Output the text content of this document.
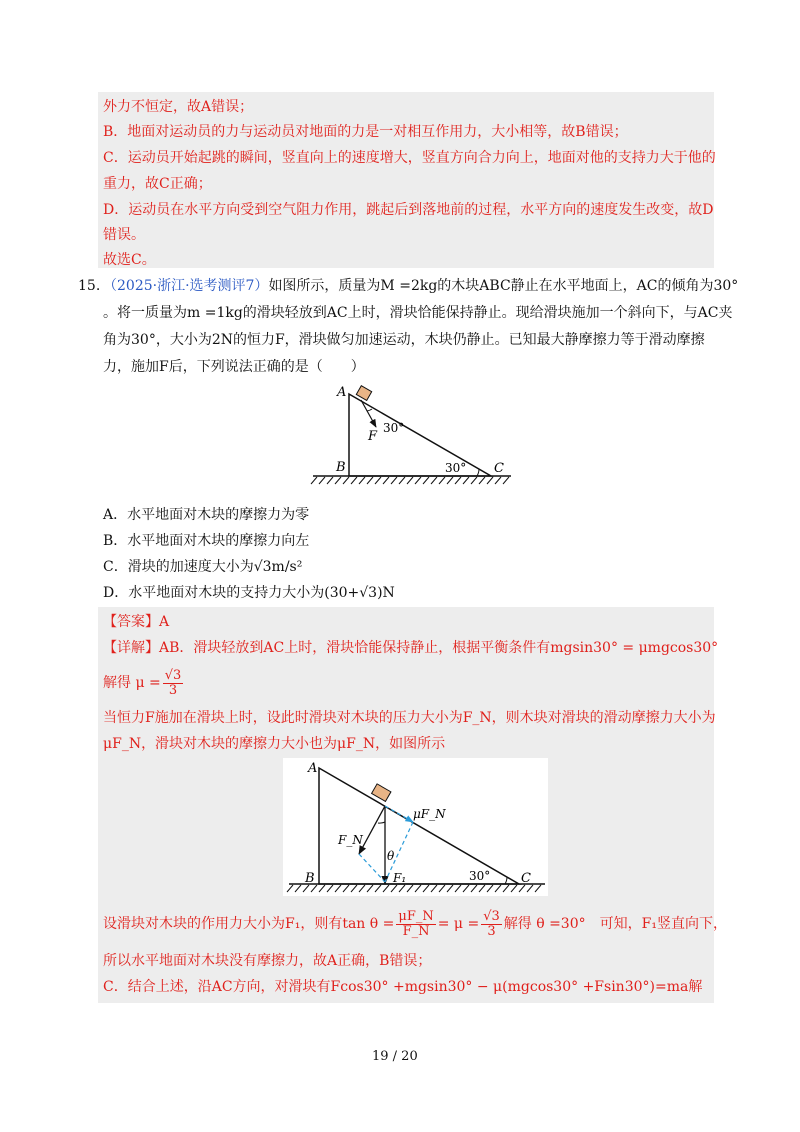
外力不恒定，故A错误；
B．地面对运动员的力与运动员对地面的力是一对相互作用力，大小相等，故B错误；
C．运动员开始起跳的瞬间，竖直向上的速度增大，竖直方向合力向上，地面对他的支持力大于他的
重力，故C正确；
D．运动员在水平方向受到空气阻力作用，跳起后到落地前的过程，水平方向的速度发生改变，故D
错误。
故选C。
15. （2025·浙江·选考测评7）如图所示，质量为M =2kg的木块ABC静止在水平地面上，AC的倾角为30°
。将一质量为m =1kg的滑块轻放到AC上时，滑块恰能保持静止。现给滑块施加一个斜向下，与AC夹
角为30°，大小为2N的恒力F，滑块做匀加速运动，木块仍静止。已知最大静摩擦力等于滑动摩擦
力，施加F后，下列说法正确的是（　　）
A
B	C
F
30°
30°
A．水平地面对木块的摩擦力为零
B．水平地面对木块的摩擦力向左
C．滑块的加速度大小为√3m/s²
D．水平地面对木块的支持力大小为(30+√3)N
【答案】A
【详解】AB．滑块轻放到AC上时，滑块恰能保持静止，根据平衡条件有mgsin30° = μmgcos30°
解得 $\mu = \frac{√3}{3}$
当恒力F施加在滑块上时，设此时滑块对木块的压力大小为F_N，则木块对滑块的滑动摩擦力大小为
μF_N，滑块对木块的摩擦力大小也为μF_N，如图所示
A
B	C
F_N
μF_N
θ
F₁	30°
设滑块对木块的作用力大小为F₁，则有$\tan \theta = \frac{\mu F\_N}{F\_N} = \mu = \frac{√3}{3}$ 解得 θ =30°　可知，F₁竖直向下，
所以水平地面对木块没有摩擦力，故A正确，B错误；
C．结合上述，沿AC方向，对滑块有Fcos30° +mgsin30° − μ(mgcos30° +Fsin30°)=ma解
19 / 20
